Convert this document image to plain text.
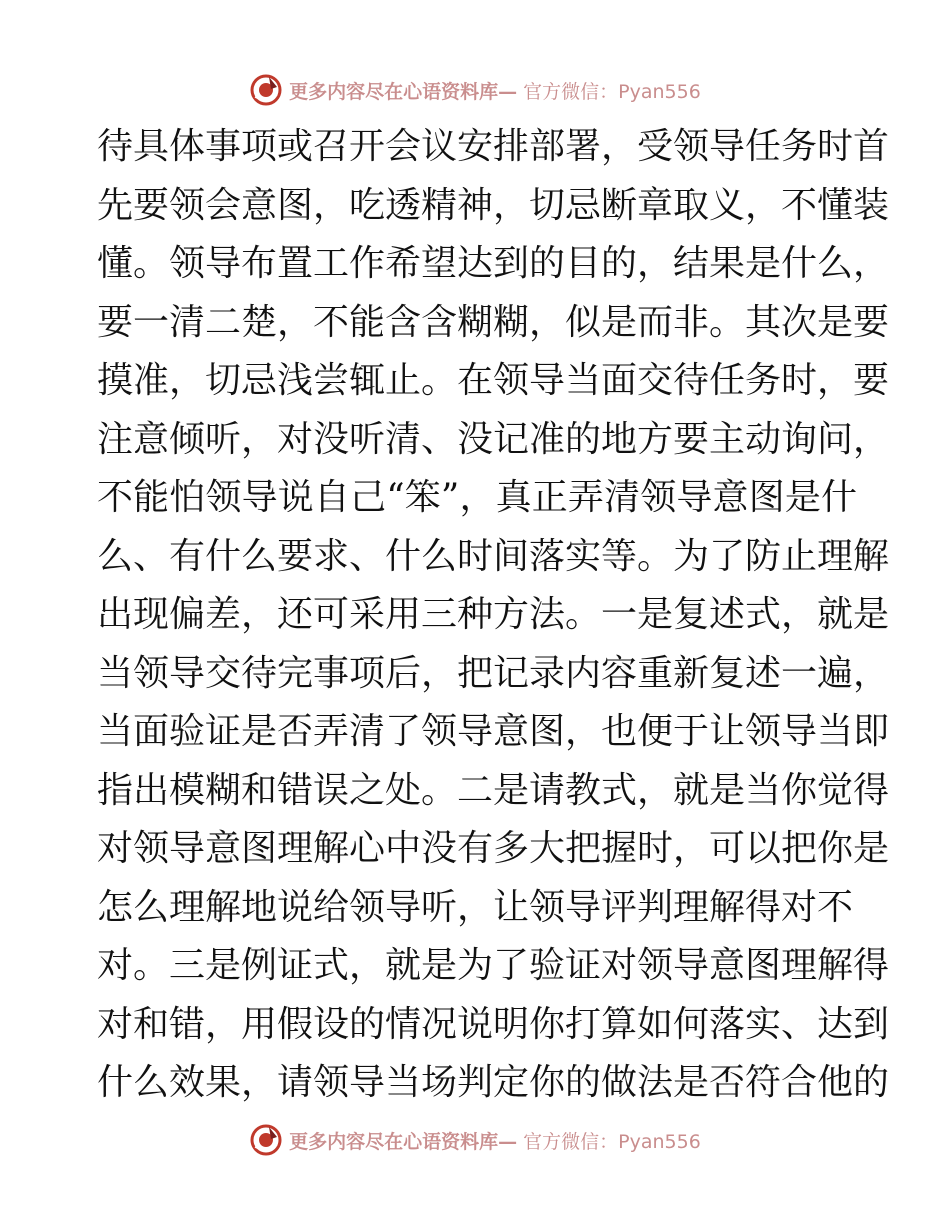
更多内容尽在心语资料库— 官方微信：Pyan556
待具体事项或召开会议安排部署，受领导任务时首
先要领会意图，吃透精神，切忌断章取义，不懂装
懂。领导布置工作希望达到的目的，结果是什么，
要一清二楚，不能含含糊糊，似是而非。其次是要
摸准，切忌浅尝辄止。在领导当面交待任务时，要
注意倾听，对没听清、没记准的地方要主动询问，
不能怕领导说自己“笨”，真正弄清领导意图是什
么、有什么要求、什么时间落实等。为了防止理解
出现偏差，还可采用三种方法。一是复述式，就是
当领导交待完事项后，把记录内容重新复述一遍，
当面验证是否弄清了领导意图，也便于让领导当即
指出模糊和错误之处。二是请教式，就是当你觉得
对领导意图理解心中没有多大把握时，可以把你是
怎么理解地说给领导听，让领导评判理解得对不
对。三是例证式，就是为了验证对领导意图理解得
对和错，用假设的情况说明你打算如何落实、达到
什么效果，请领导当场判定你的做法是否符合他的
更多内容尽在心语资料库— 官方微信：Pyan556
